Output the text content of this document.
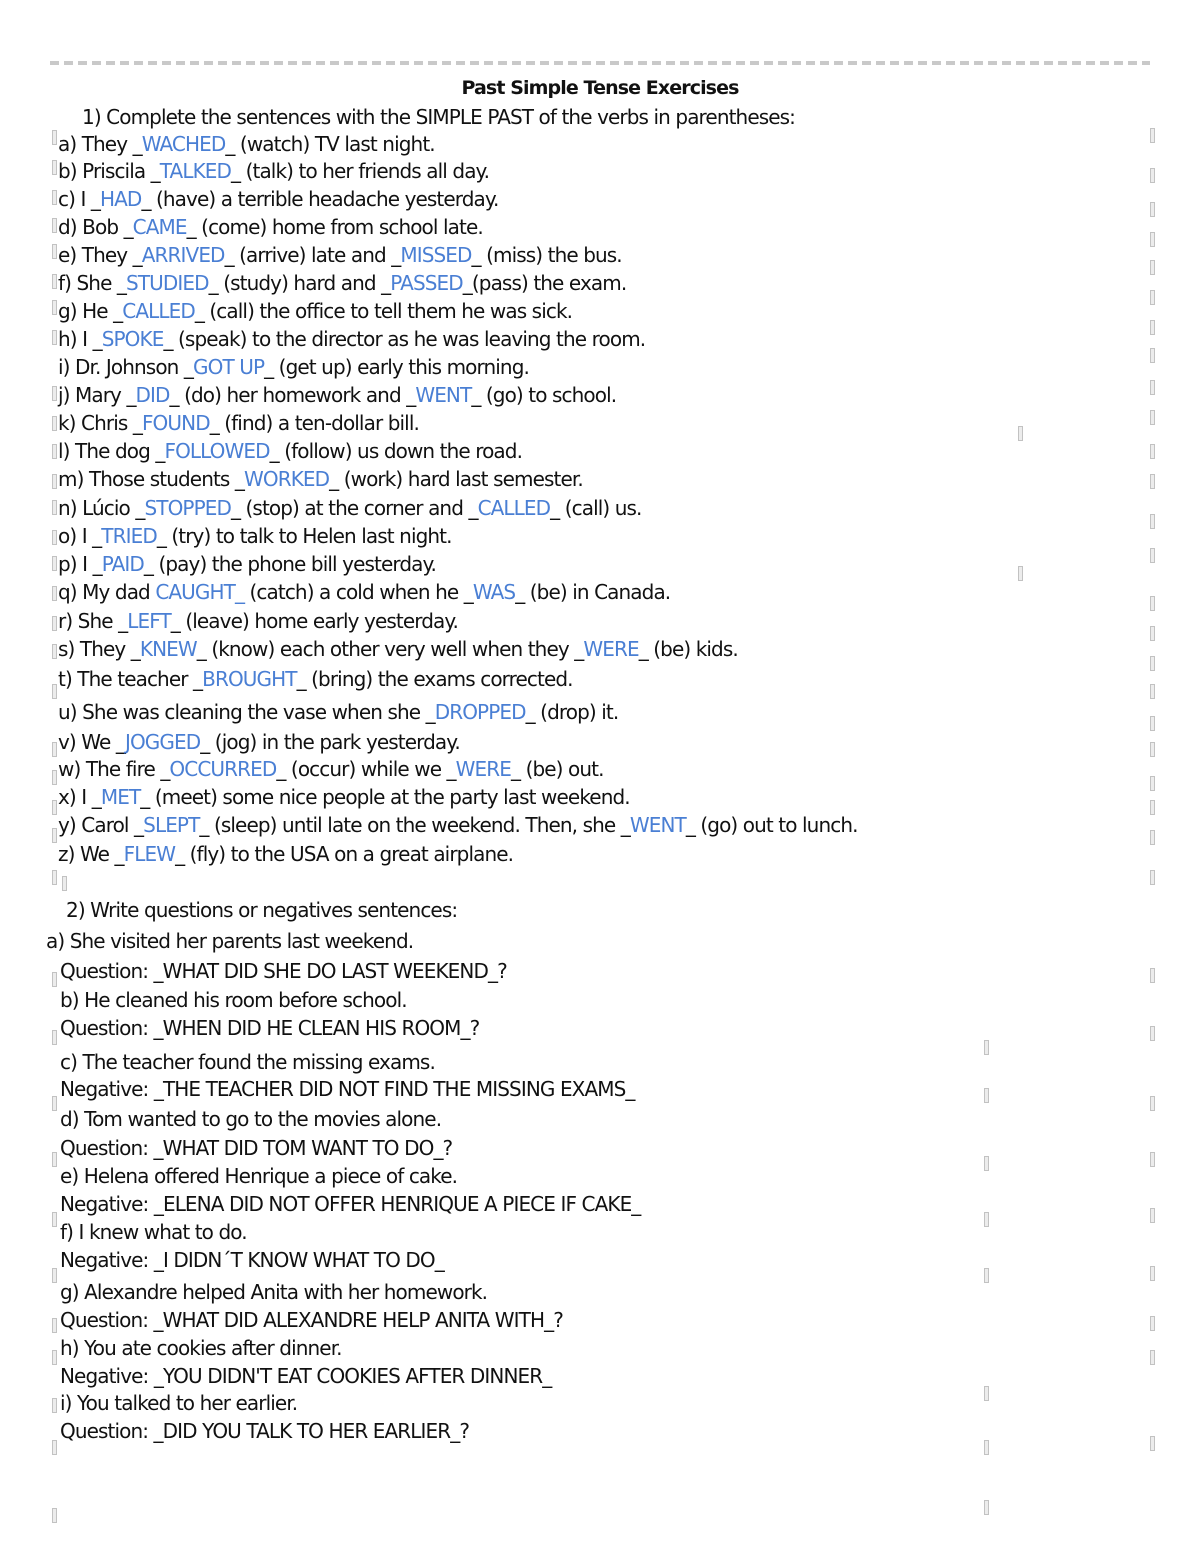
Past Simple Tense Exercises
1) Complete the sentences with the SIMPLE PAST of the verbs in parentheses:
a) They _WACHED_ (watch) TV last night.
b) Priscila _TALKED_ (talk) to her friends all day.
c) I _HAD_ (have) a terrible headache yesterday.
d) Bob _CAME_ (come) home from school late.
e) They _ARRIVED_ (arrive) late and _MISSED_ (miss) the bus.
f) She _STUDIED_ (study) hard and _PASSED_(pass) the exam.
g) He _CALLED_ (call) the office to tell them he was sick.
h) I _SPOKE_ (speak) to the director as he was leaving the room.
i) Dr. Johnson _GOT UP_ (get up) early this morning.
j) Mary _DID_ (do) her homework and _WENT_ (go) to school.
k) Chris _FOUND_ (find) a ten-dollar bill.
l) The dog _FOLLOWED_ (follow) us down the road.
m) Those students _WORKED_ (work) hard last semester.
n) Lúcio _STOPPED_ (stop) at the corner and _CALLED_ (call) us.
o) I _TRIED_ (try) to talk to Helen last night.
p) I _PAID_ (pay) the phone bill yesterday.
q) My dad CAUGHT_ (catch) a cold when he _WAS_ (be) in Canada.
r) She _LEFT_ (leave) home early yesterday.
s) They _KNEW_ (know) each other very well when they _WERE_ (be) kids.
t) The teacher _BROUGHT_ (bring) the exams corrected.
u) She was cleaning the vase when she _DROPPED_ (drop) it.
v) We _JOGGED_ (jog) in the park yesterday.
w) The fire _OCCURRED_ (occur) while we _WERE_ (be) out.
x) I _MET_ (meet) some nice people at the party last weekend.
y) Carol _SLEPT_ (sleep) until late on the weekend. Then, she _WENT_ (go) out to lunch.
z) We _FLEW_ (fly) to the USA on a great airplane.
2) Write questions or negatives sentences:
a) She visited her parents last weekend.
Question: _WHAT DID SHE DO LAST WEEKEND_?
b) He cleaned his room before school.
Question: _WHEN DID HE CLEAN HIS ROOM_?
c) The teacher found the missing exams.
Negative: _THE TEACHER DID NOT FIND THE MISSING EXAMS_
d) Tom wanted to go to the movies alone.
Question: _WHAT DID TOM WANT TO DO_?
e) Helena offered Henrique a piece of cake.
Negative: _ELENA DID NOT OFFER HENRIQUE A PIECE IF CAKE_
f) I knew what to do.
Negative: _I DIDN´T KNOW WHAT TO DO_
g) Alexandre helped Anita with her homework.
Question: _WHAT DID ALEXANDRE HELP ANITA WITH_?
h) You ate cookies after dinner.
Negative: _YOU DIDN'T EAT COOKIES AFTER DINNER_
i) You talked to her earlier.
Question: _DID YOU TALK TO HER EARLIER_?
